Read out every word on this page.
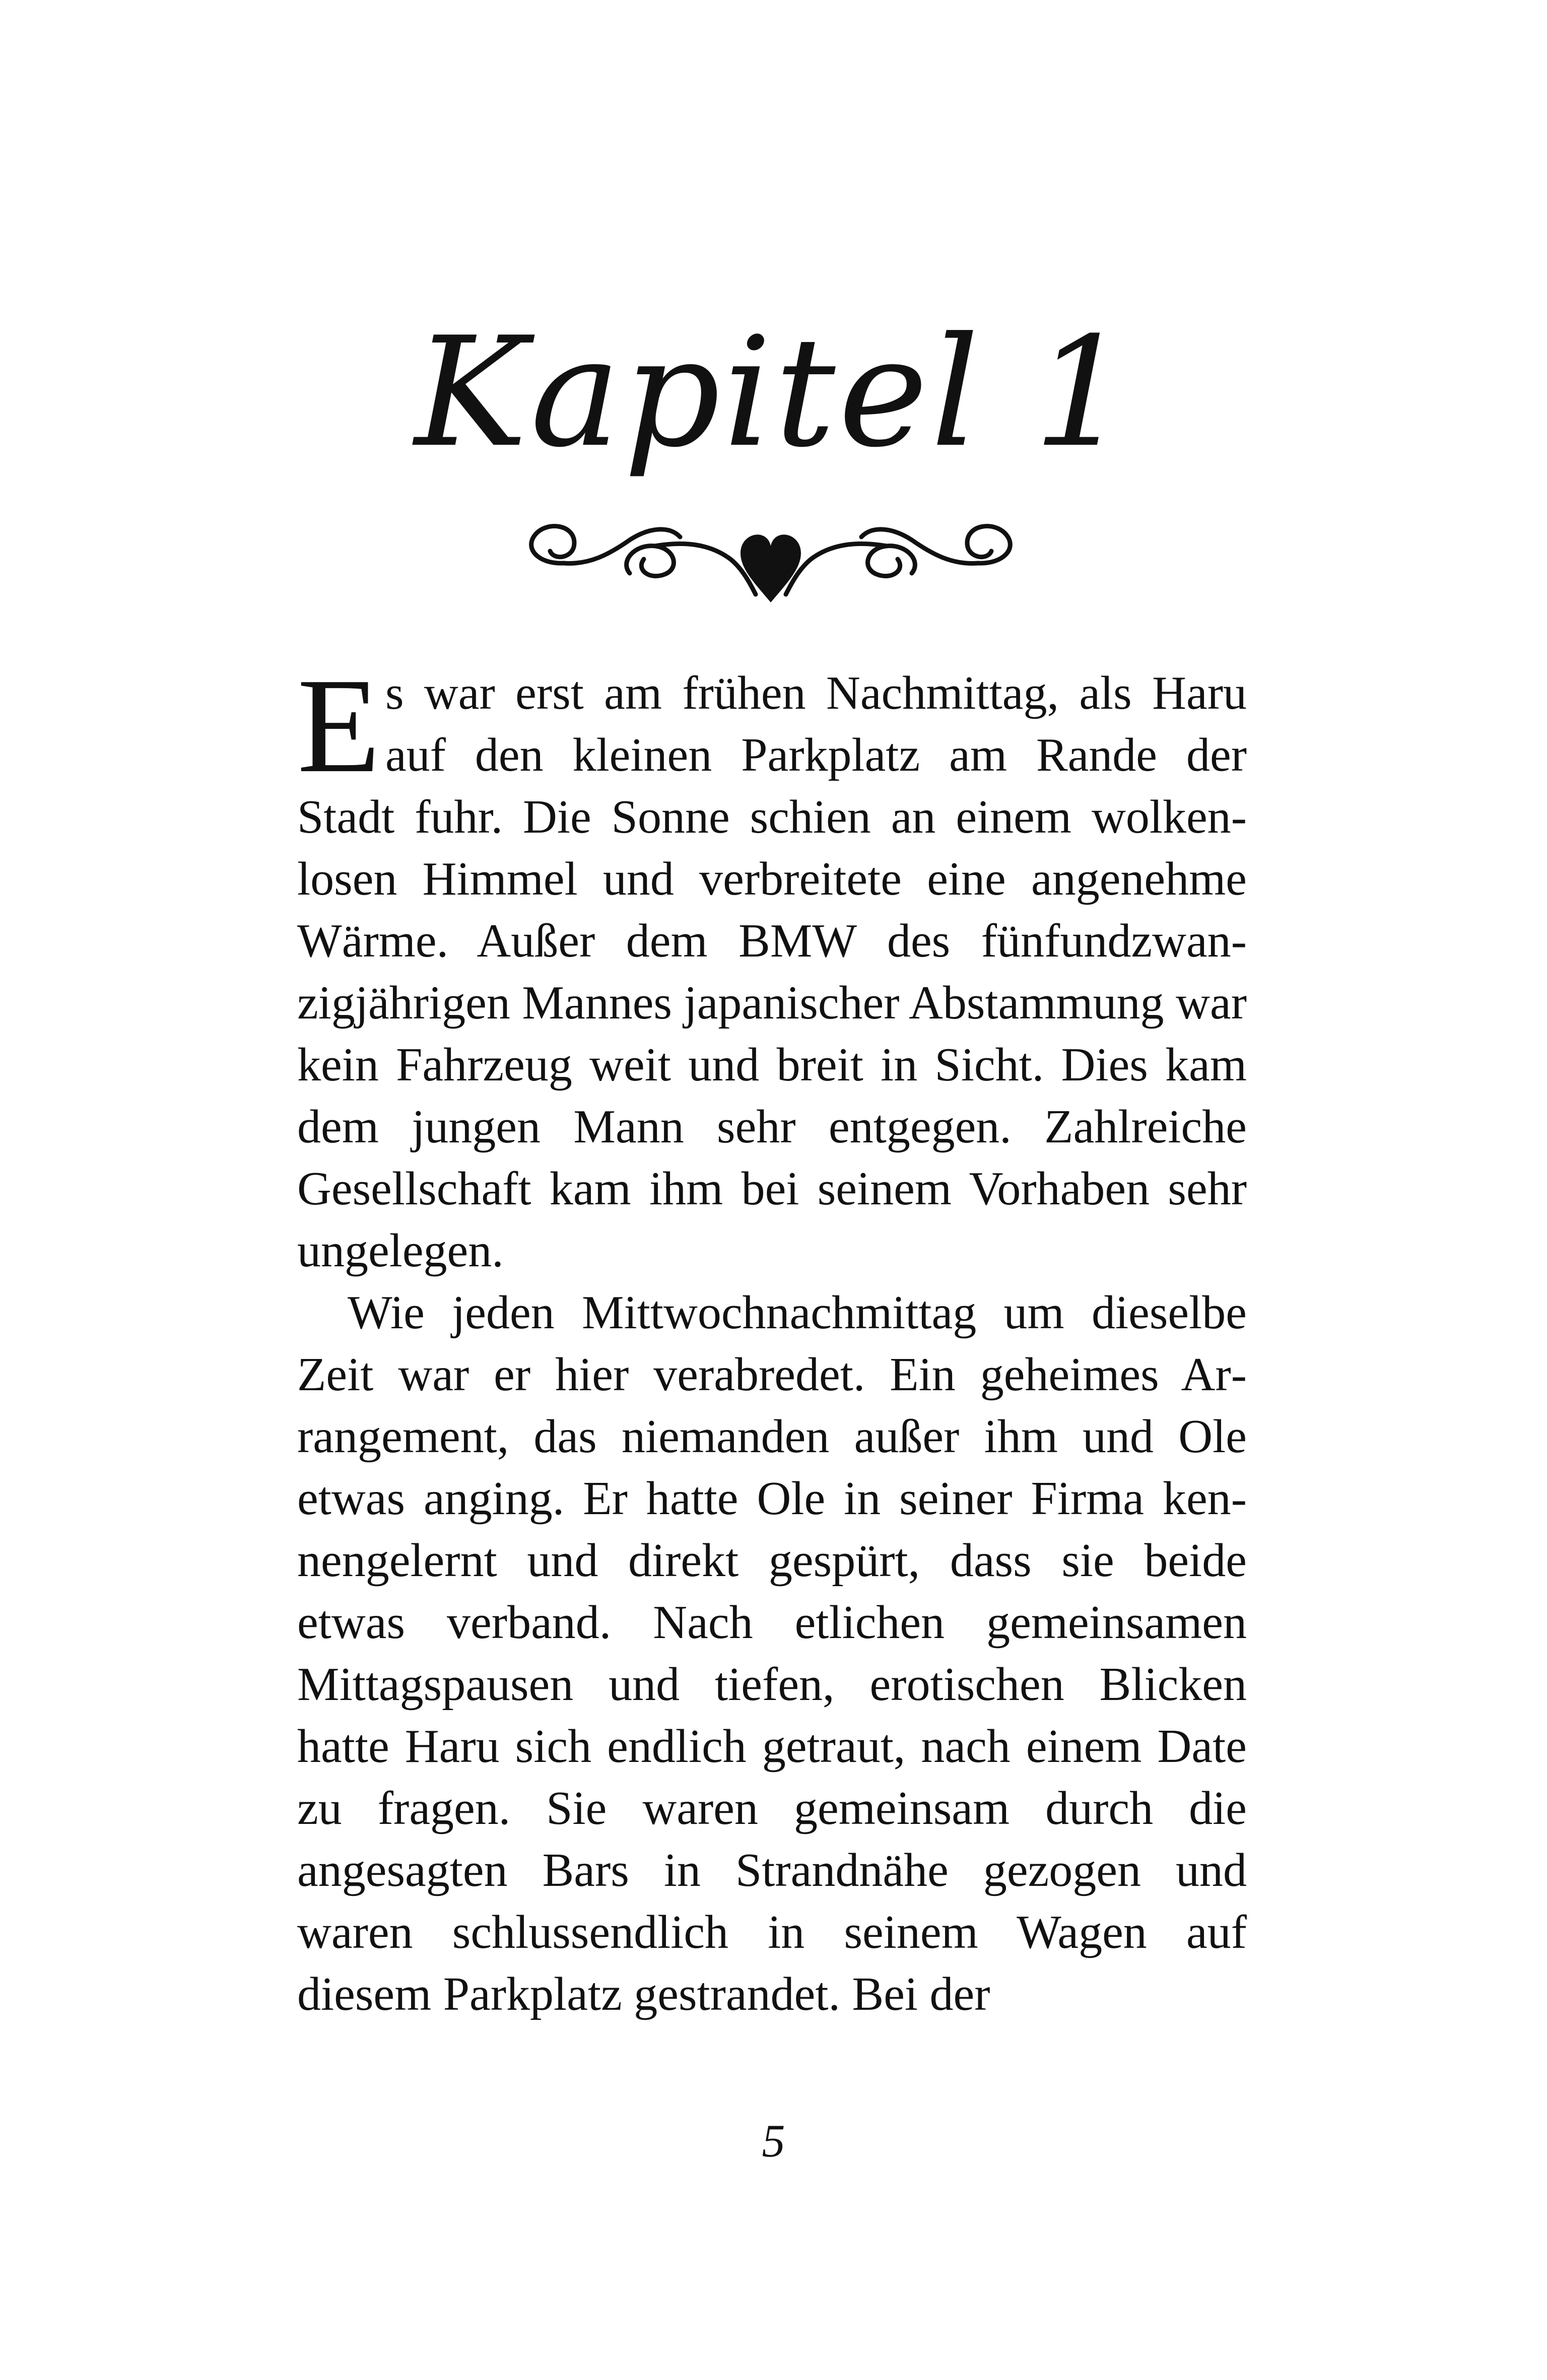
Kapitel 1

Es war erst am frühen Nachmittag, als Haru auf den kleinen Parkplatz am Rande der Stadt fuhr. Die Sonne schien an einem wolkenlosen Himmel und verbreitete eine angenehme Wärme. Außer dem BMW des fünfundzwanzigjährigen Mannes japanischer Abstammung war kein Fahrzeug weit und breit in Sicht. Dies kam dem jungen Mann sehr entgegen. Zahlreiche Gesellschaft kam ihm bei seinem Vorhaben sehr ungelegen.

Wie jeden Mittwochnachmittag um dieselbe Zeit war er hier verabredet. Ein geheimes Arrangement, das niemanden außer ihm und Ole etwas anging. Er hatte Ole in seiner Firma kennengelernt und direkt gespürt, dass sie beide etwas verband. Nach etlichen gemeinsamen Mittagspausen und tiefen, erotischen Blicken hatte Haru sich endlich getraut, nach einem Date zu fragen. Sie waren gemeinsam durch die angesagten Bars in Strandnähe gezogen und waren schlussendlich in seinem Wagen auf diesem Parkplatz gestrandet. Bei der

5
